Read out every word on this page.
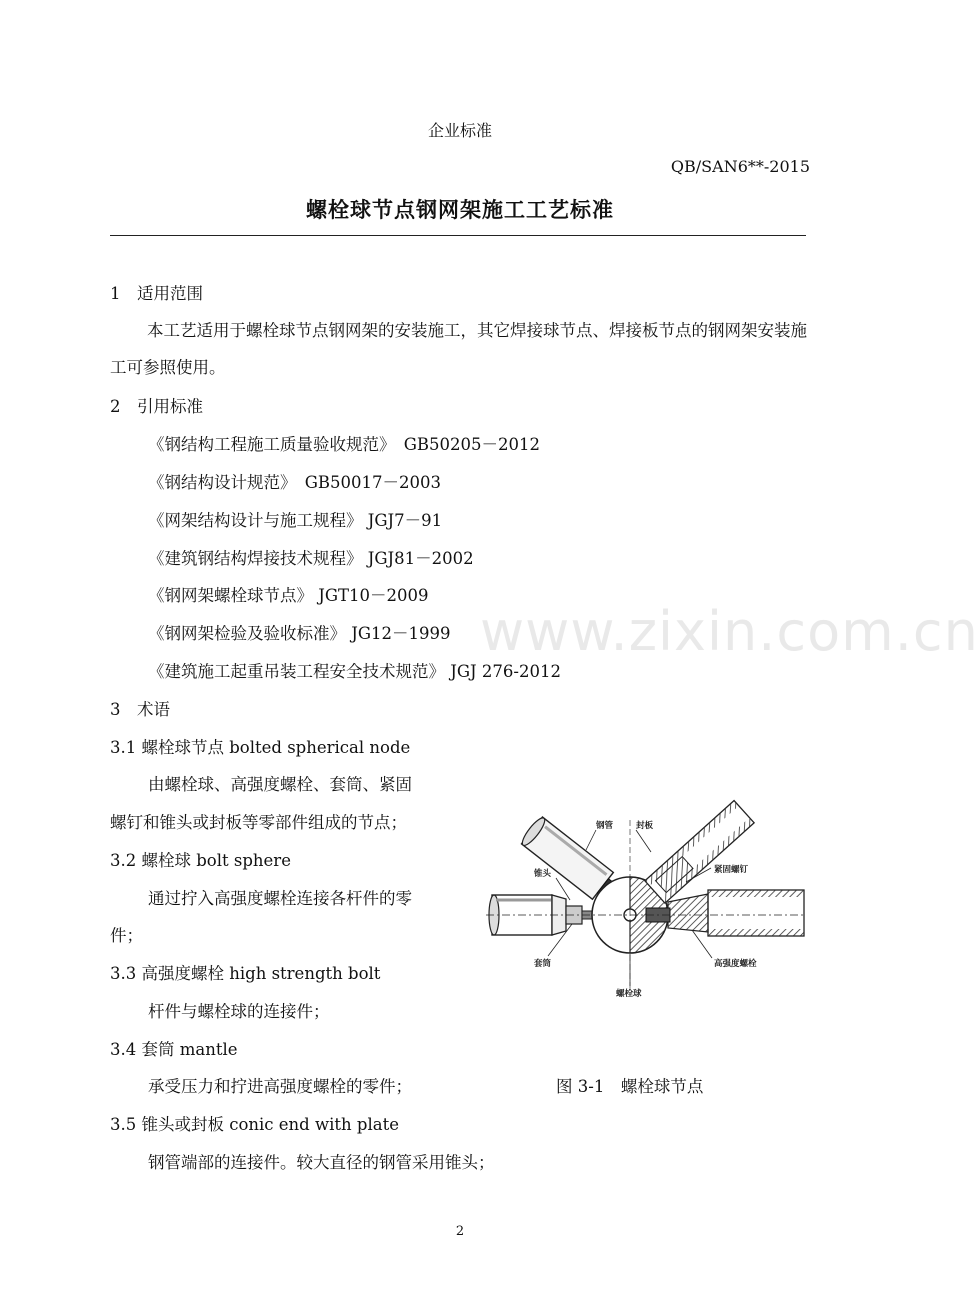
企业标准
QB/SAN6**-2015
螺栓球节点钢网架施工工艺标准
www.zixin.com.cn
1　适用范围
本工艺适用于螺栓球节点钢网架的安装施工，其它焊接球节点、焊接板节点的钢网架安装施工可参照使用。
2　引用标准
《钢结构工程施工质量验收规范》　GB50205－2012
《钢结构设计规范》　GB50017－2003
《网架结构设计与施工规程》 JGJ7－91
《建筑钢结构焊接技术规程》 JGJ81－2002
《钢网架螺栓球节点》 JGT10－2009
《钢网架检验及验收标准》 JG12－1999
《建筑施工起重吊装工程安全技术规范》 JGJ 276-2012
3　术语
3.1 螺栓球节点 bolted spherical node
由螺栓球、高强度螺栓、套筒、紧固
螺钉和锥头或封板等零部件组成的节点；
3.2 螺栓球 bolt sphere
通过拧入高强度螺栓连接各杆件的零
件；
3.3 高强度螺栓 high strength bolt
杆件与螺栓球的连接件；
3.4 套筒 mantle
承受压力和拧进高强度螺栓的零件；
3.5 锥头或封板 conic end with plate
钢管端部的连接件。较大直径的钢管采用锥头；
钢管	封板
锥头	紧固螺钉
套筒	高强度螺栓
螺栓球
图 3-1　螺栓球节点
2
